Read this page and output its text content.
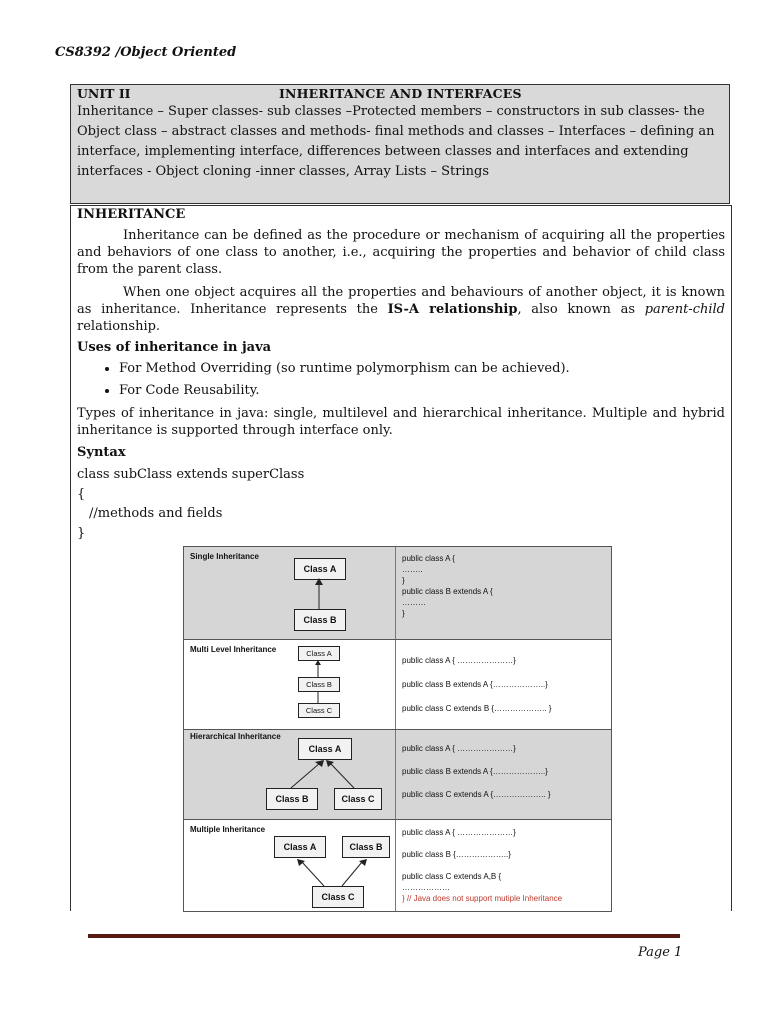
CS8392 /Object Oriented
UNIT II	INHERITANCE AND INTERFACES
Inheritance – Super classes- sub classes –Protected members – constructors in sub classes- the Object class – abstract classes and methods- final methods and classes – Interfaces – defining an interface, implementing interface, differences between classes and interfaces and extending interfaces - Object cloning -inner classes, Array Lists – Strings
INHERITANCE

Inheritance can be defined as the procedure or mechanism of acquiring all the properties and behaviors of one class to another, i.e., acquiring the properties and behavior of child class from the parent class.

When one object acquires all the properties and behaviours of another object, it is known as inheritance. Inheritance represents the IS-A relationship, also known as parent-child relationship.

Uses of inheritance in java
• For Method Overriding (so runtime polymorphism can be achieved).
• For Code Reusability.

Types of inheritance in java: single, multilevel and hierarchical inheritance. Multiple and hybrid inheritance is supported through interface only.

Syntax
class subClass extends superClass
{
//methods and fields
}
Single Inheritance
Class A
Class B
public class A {
……..
}
public class B extends A {
………
}
Multi Level Inheritance	Class A
Class B
Class C
public class A { …………………}
public class B extends A {………………..}
public class C extends B {……………….. }
Hierarchical Inheritance
Class A
Class B	Class C
public class A { …………………}
public class B extends A {………………..}
public class C extends A {……………….. }
Multiple Inheritance
Class A	Class B
Class C
public class A { …………………}
public class B {………………..}
public class C extends A,B {
………………
} // Java does not support mutiple Inheritance
Page 1
